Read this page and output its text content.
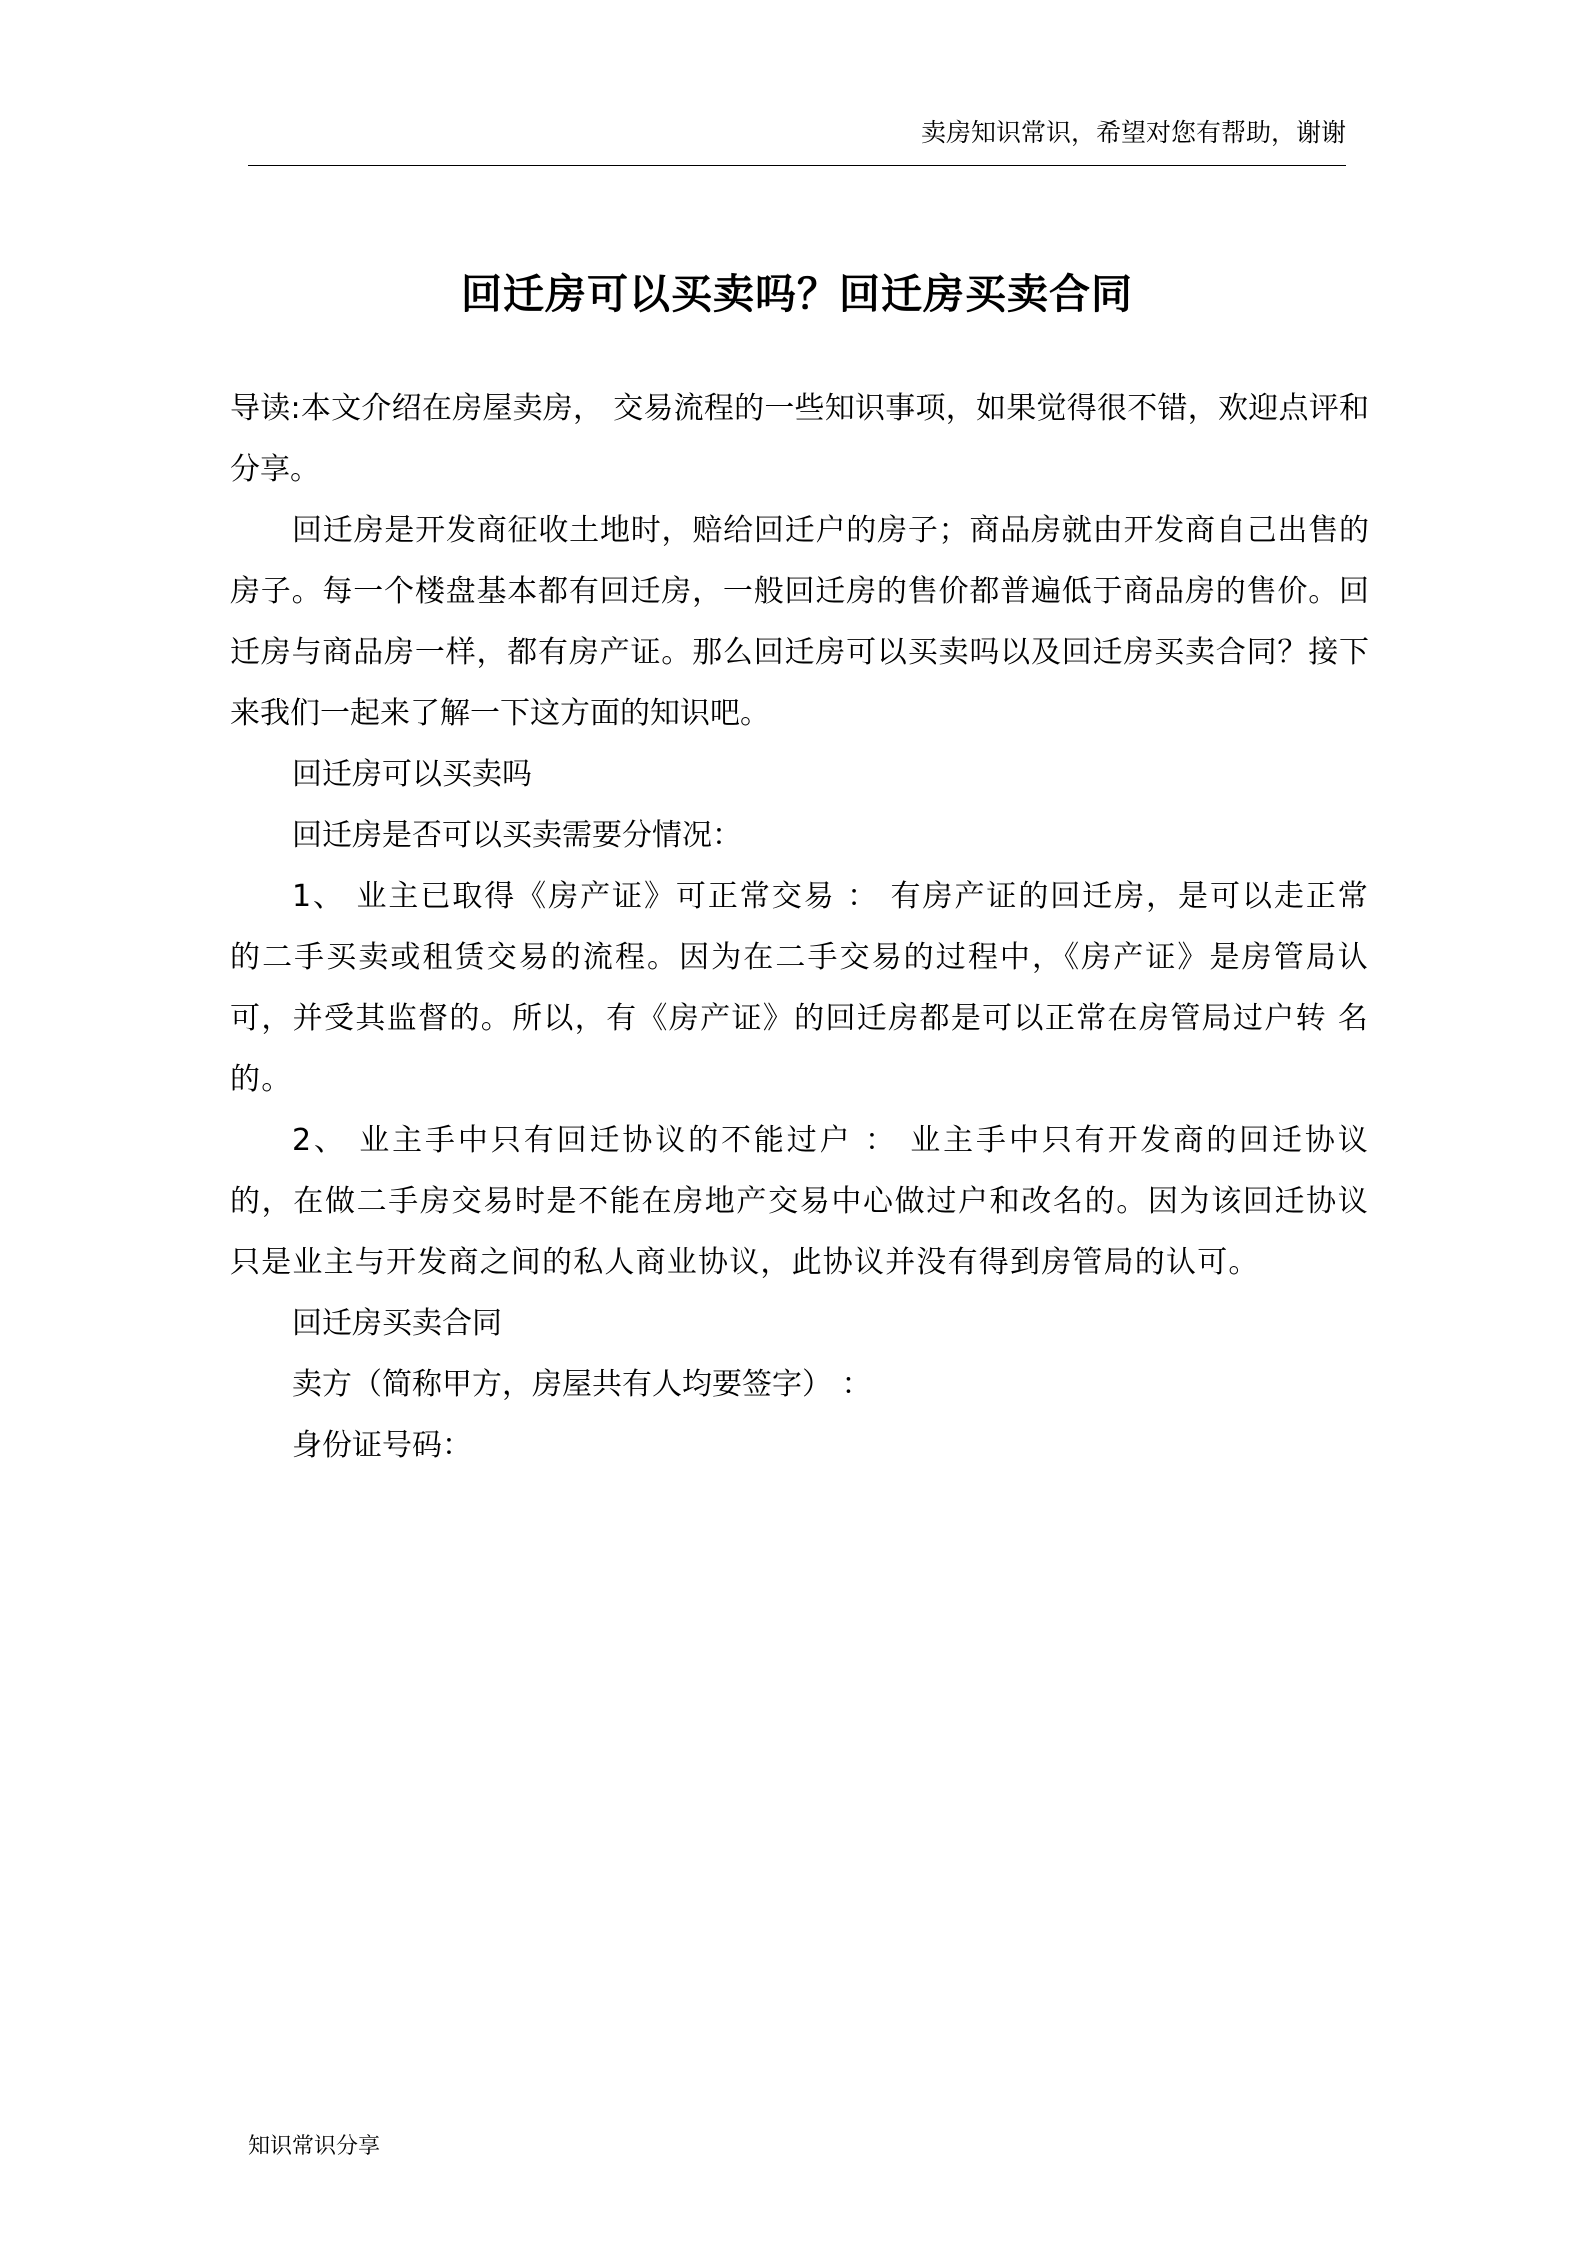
卖房知识常识，希望对您有帮助，谢谢
回迁房可以买卖吗？回迁房买卖合同

导读:本文介绍在房屋卖房， 交易流程的一些知识事项，如果觉得很不错，欢迎点评和分享。

回迁房是开发商征收土地时，赔给回迁户的房子；商品房就由开发商自己出售的房子。每一个楼盘基本都有回迁房，一般回迁房的售价都普遍低于商品房的售价。回迁房与商品房一样，都有房产证。那么回迁房可以买卖吗以及回迁房买卖合同？接下来我们一起来了解一下这方面的知识吧。

回迁房可以买卖吗

回迁房是否可以买卖需要分情况：

1、 业主已取得《房产证》可正常交易 ： 有房产证的回迁房，是可以走正常的二手买卖或租赁交易的流程。因为在二手交易的过程中，《房产证》是房管局认可，并受其监督的。所以，有《房产证》的回迁房都是可以正常在房管局过户转 名的。

2、 业主手中只有回迁协议的不能过户 ： 业主手中只有开发商的回迁协议的，在做二手房交易时是不能在房地产交易中心做过户和改名的。因为该回迁协议只是业主与开发商之间的私人商业协议，此协议并没有得到房管局的认可。

回迁房买卖合同

卖方（简称甲方，房屋共有人均要签字） ：

身份证号码：

知识常识分享
